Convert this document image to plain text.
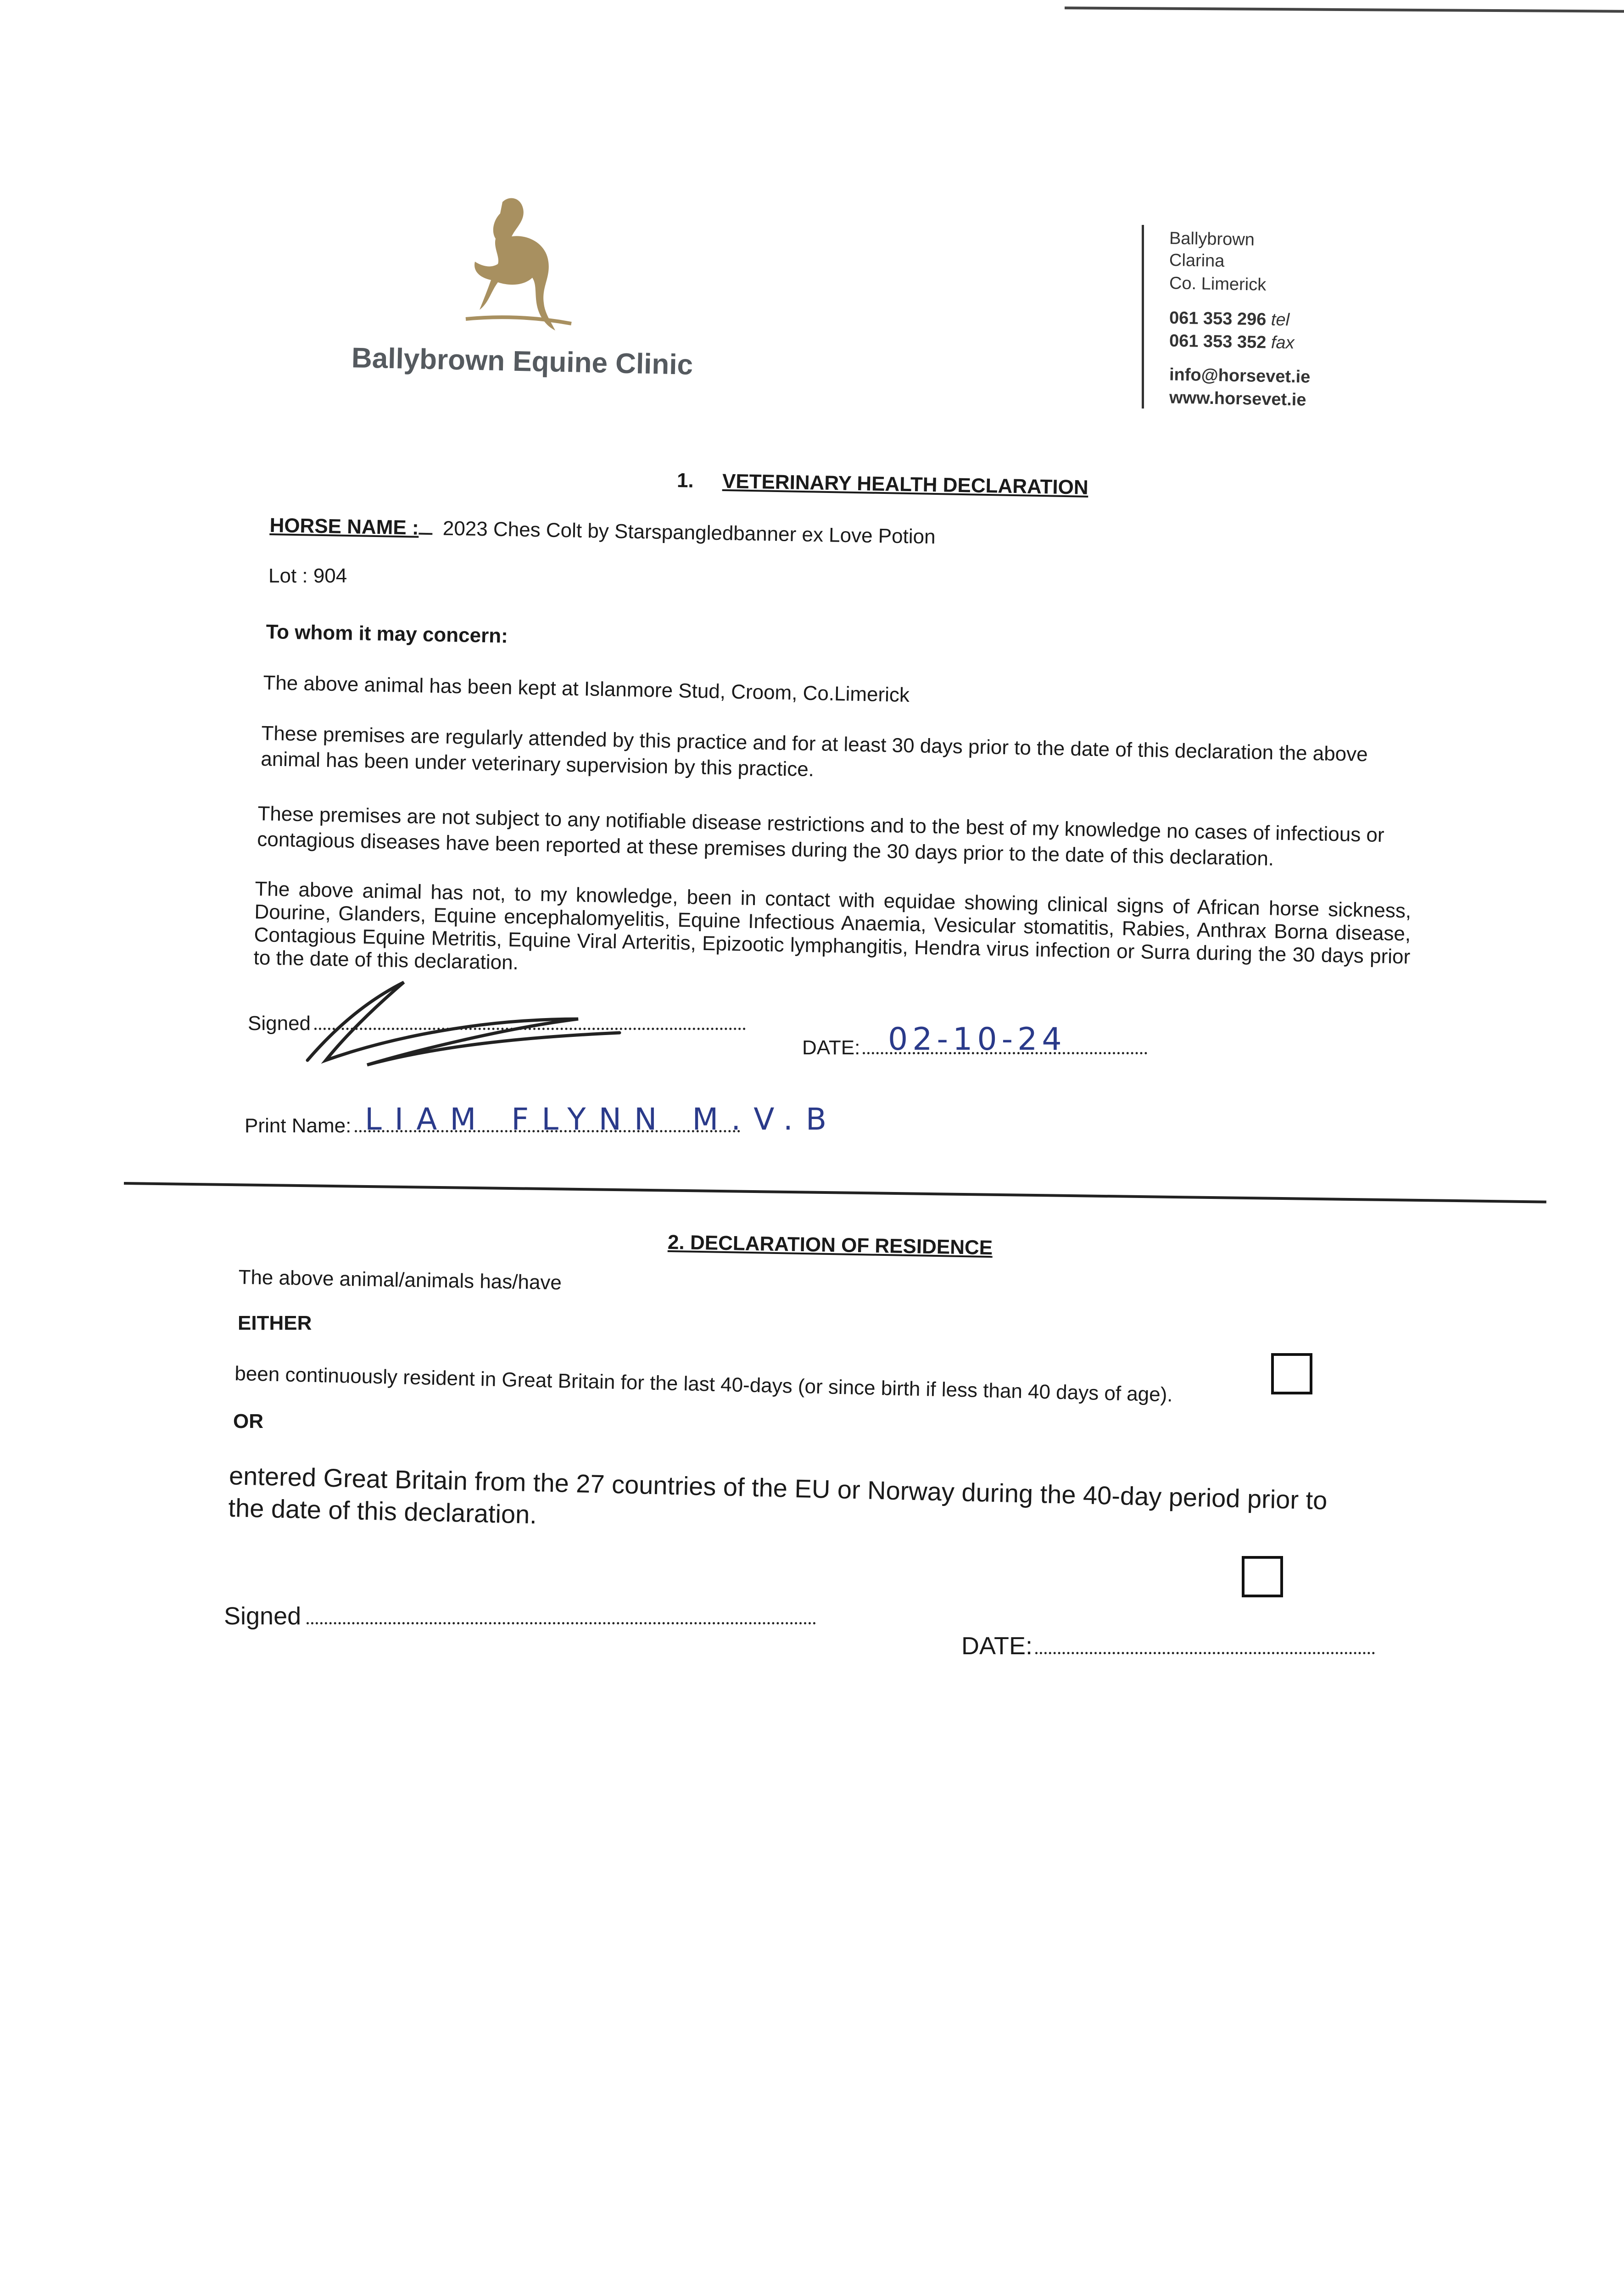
Ballybrown Equine Clinic
Ballybrown
Clarina
Co. Limerick
061 353 296 tel
061 353 352 fax
info@horsevet.ie
www.horsevet.ie
1. VETERINARY HEALTH DECLARATION
HORSE NAME : 2023 Ches Colt by Starspangledbanner ex Love Potion
Lot : 904
To whom it may concern:
The above animal has been kept at Islanmore Stud, Croom, Co.Limerick
These premises are regularly attended by this practice and for at least 30 days prior to the date of this declaration the above animal has been under veterinary supervision by this practice.
These premises are not subject to any notifiable disease restrictions and to the best of my knowledge no cases of infectious or contagious diseases have been reported at these premises during the 30 days prior to the date of this declaration.
The above animal has not, to my knowledge, been in contact with equidae showing clinical signs of African horse sickness, Dourine, Glanders, Equine encephalomyelitis, Equine Infectious Anaemia, Vesicular stomatitis, Rabies, Anthrax Borna disease, Contagious Equine Metritis, Equine Viral Arteritis, Epizootic lymphangitis, Hendra virus infection or Surra during the 30 days prior to the date of this declaration.
Signed
DATE: 02-10-24
Print Name: LIAM FLYNN M.V.B
2. DECLARATION OF RESIDENCE
The above animal/animals has/have
EITHER
been continuously resident in Great Britain for the last 40-days (or since birth if less than 40 days of age).
OR
entered Great Britain from the 27 countries of the EU or Norway during the 40-day period prior to the date of this declaration.
Signed
DATE:
